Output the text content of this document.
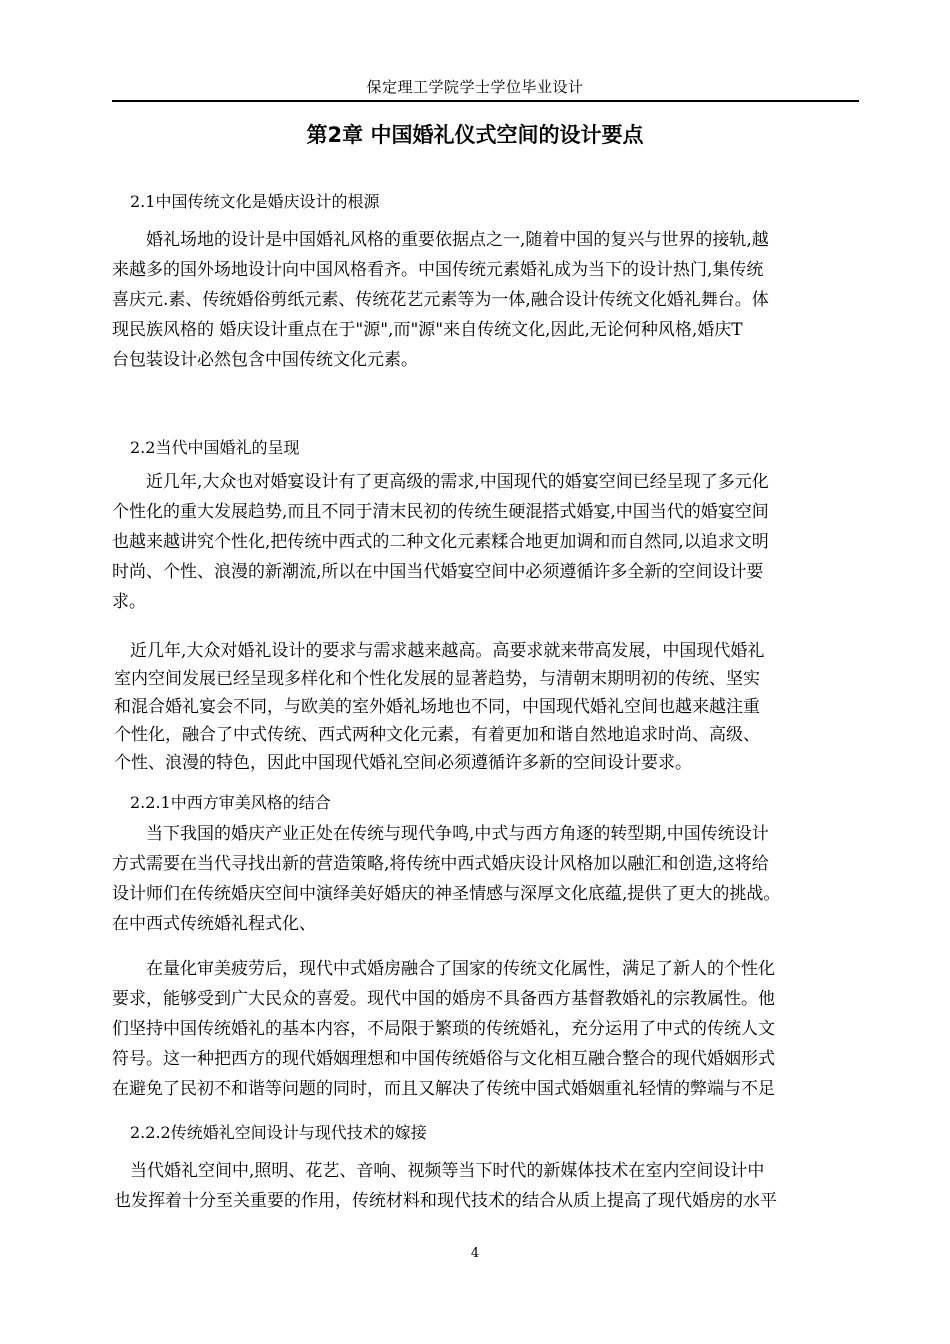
保定理工学院学士学位毕业设计
第2章 中国婚礼仪式空间的设计要点
2.1中国传统文化是婚庆设计的根源
婚礼场地的设计是中国婚礼风格的重要依据点之一,随着中国的复兴与世界的接轨,越
来越多的国外场地设计向中国风格看齐。中国传统元素婚礼成为当下的设计热门,集传统
喜庆元.素、传统婚俗剪纸元素、传统花艺元素等为一体,融合设计传统文化婚礼舞台。体
现民族风格的 婚庆设计重点在于"源",而"源"来自传统文化,因此,无论何种风格,婚庆T
台包装设计必然包含中国传统文化元素。
2.2当代中国婚礼的呈现
近几年,大众也对婚宴设计有了更高级的需求,中国现代的婚宴空间已经呈现了多元化
个性化的重大发展趋势,而且不同于清末民初的传统生硬混搭式婚宴,中国当代的婚宴空间
也越来越讲究个性化,把传统中西式的二种文化元素糅合地更加调和而自然同,以追求文明
时尚、个性、浪漫的新潮流,所以在中国当代婚宴空间中必须遵循许多全新的空间设计要
求。
近几年,大众对婚礼设计的要求与需求越来越高。高要求就来带高发展，中国现代婚礼
室内空间发展已经呈现多样化和个性化发展的显著趋势，与清朝末期明初的传统、坚实
和混合婚礼宴会不同，与欧美的室外婚礼场地也不同，中国现代婚礼空间也越来越注重
个性化，融合了中式传统、西式两种文化元素，有着更加和谐自然地追求时尚、高级、
个性、浪漫的特色，因此中国现代婚礼空间必须遵循许多新的空间设计要求。
2.2.1中西方审美风格的结合
当下我国的婚庆产业正处在传统与现代争鸣,中式与西方角逐的转型期,中国传统设计
方式需要在当代寻找出新的营造策略,将传统中西式婚庆设计风格加以融汇和创造,这将给
设计师们在传统婚庆空间中演绎美好婚庆的神圣情感与深厚文化底蕴,提供了更大的挑战。
在中西式传统婚礼程式化、
在量化审美疲劳后，现代中式婚房融合了国家的传统文化属性，满足了新人的个性化
要求，能够受到广大民众的喜爱。现代中国的婚房不具备西方基督教婚礼的宗教属性。他
们坚持中国传统婚礼的基本内容，不局限于繁琐的传统婚礼，充分运用了中式的传统人文
符号。这一种把西方的现代婚姻理想和中国传统婚俗与文化相互融合整合的现代婚姻形式
在避免了民初不和谐等问题的同时，而且又解决了传统中国式婚姻重礼轻情的弊端与不足
2.2.2传统婚礼空间设计与现代技术的嫁接
当代婚礼空间中,照明、花艺、音响、视频等当下时代的新媒体技术在室内空间设计中
也发挥着十分至关重要的作用，传统材料和现代技术的结合从质上提高了现代婚房的水平
4
